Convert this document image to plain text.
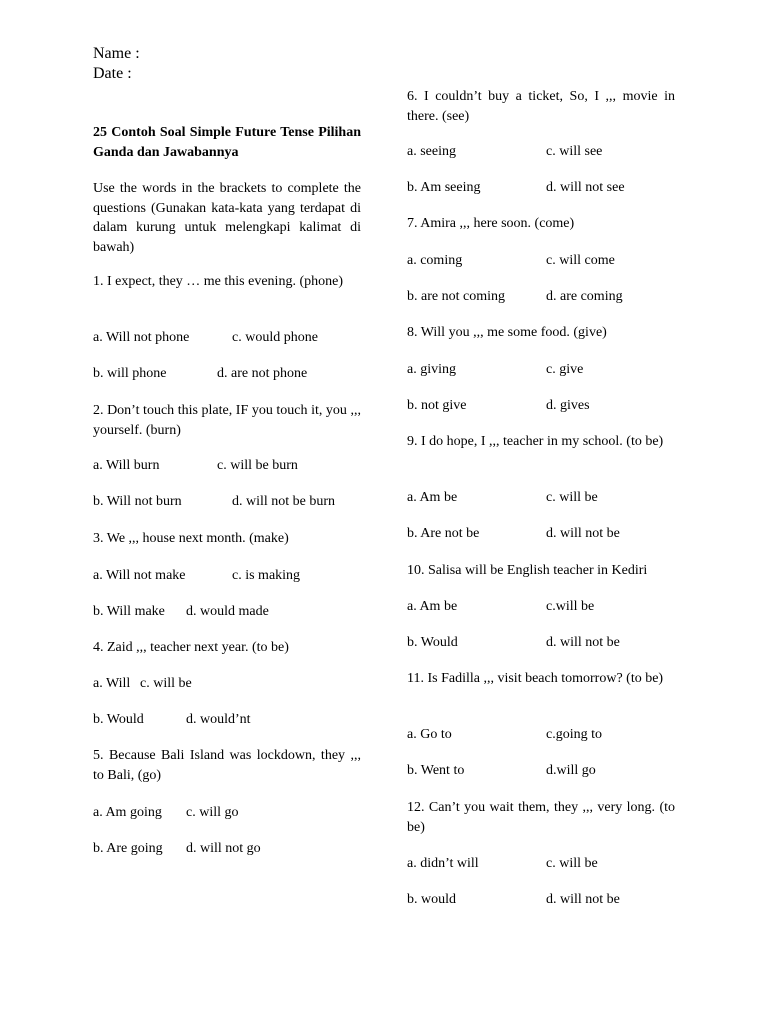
Name :
Date :
25 Contoh Soal Simple Future Tense Pilihan Ganda dan Jawabannya
Use the words in the brackets to complete the questions (Gunakan kata-kata yang terdapat di dalam kurung untuk melengkapi kalimat di bawah)
1. I expect, they … me this evening. (phone)
a. Will not phone	c. would phone
b. will phone	d. are not phone
2. Don’t touch this plate, IF you touch it, you ,,, yourself. (burn)
a. Will burn	c. will be burn
b. Will not burn	d. will not be burn
3. We ,,, house next month. (make)
a. Will not make	c. is making
b. Will make d. would made
4. Zaid ,,, teacher next year. (to be)
a. Will c. will be
b. Would	d. would’nt
5. Because Bali Island was lockdown, they ,,, to Bali, (go)
a. Am going c. will go
b. Are going d. will not go
6. I couldn’t buy a ticket, So, I ,,, movie in there. (see)
a. seeing	c. will see
b. Am seeing	d. will not see
7. Amira ,,, here soon. (come)
a. coming	c. will come
b. are not coming	d. are coming
8. Will you ,,, me some food. (give)
a. giving	c. give
b. not give	d. gives
9. I do hope, I ,,, teacher in my school. (to be)
a. Am be	c. will be
b. Are not be	d. will not be
10. Salisa will be English teacher in Kediri
a. Am be	c.will be
b. Would	d. will not be
11. Is Fadilla ,,, visit beach tomorrow? (to be)
a. Go to	c.going to
b. Went to	d.will go
12. Can’t you wait them, they ,,, very long. (to be)
a. didn’t will	c. will be
b. would	d. will not be
